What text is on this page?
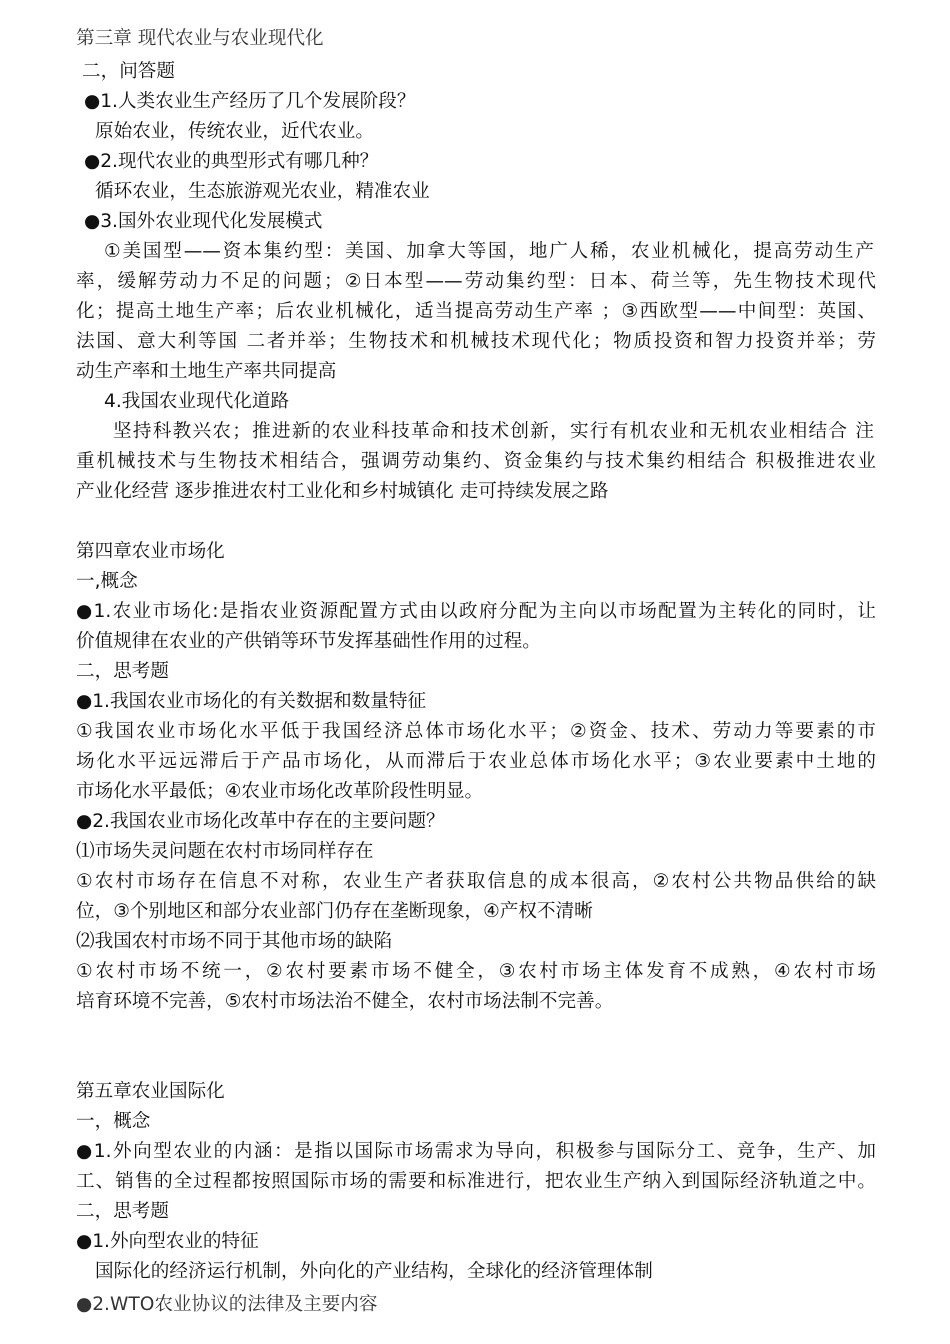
第三章 现代农业与农业现代化
二，问答题
●1.人类农业生产经历了几个发展阶段？
原始农业，传统农业，近代农业。
●2.现代农业的典型形式有哪几种？
循环农业，生态旅游观光农业，精准农业
●3.国外农业现代化发展模式
①美国型——资本集约型：美国、加拿大等国，地广人稀，农业机械化，提高劳动生产
率，缓解劳动力不足的问题；②日本型——劳动集约型：日本、荷兰等，先生物技术现代
化；提高土地生产率；后农业机械化，适当提高劳动生产率 ；③西欧型——中间型：英国、
法国、意大利等国 二者并举；生物技术和机械技术现代化；物质投资和智力投资并举；劳
动生产率和土地生产率共同提高
4.我国农业现代化道路
坚持科教兴农；推进新的农业科技革命和技术创新，实行有机农业和无机农业相结合 注
重机械技术与生物技术相结合，强调劳动集约、资金集约与技术集约相结合 积极推进农业
产业化经营 逐步推进农村工业化和乡村城镇化 走可持续发展之路
第四章农业市场化
一,概念
●1.农业市场化:是指农业资源配置方式由以政府分配为主向以市场配置为主转化的同时，让
价值规律在农业的产供销等环节发挥基础性作用的过程。
二，思考题
●1.我国农业市场化的有关数据和数量特征
①我国农业市场化水平低于我国经济总体市场化水平；②资金、技术、劳动力等要素的市
场化水平远远滞后于产品市场化，从而滞后于农业总体市场化水平；③农业要素中土地的
市场化水平最低；④农业市场化改革阶段性明显。
●2.我国农业市场化改革中存在的主要问题？
⑴市场失灵问题在农村市场同样存在
①农村市场存在信息不对称，农业生产者获取信息的成本很高，②农村公共物品供给的缺
位，③个别地区和部分农业部门仍存在垄断现象，④产权不清晰
⑵我国农村市场不同于其他市场的缺陷
①农村市场不统一，②农村要素市场不健全，③农村市场主体发育不成熟，④农村市场
培育环境不完善，⑤农村市场法治不健全，农村市场法制不完善。
第五章农业国际化
一，概念
●1.外向型农业的内涵：是指以国际市场需求为导向，积极参与国际分工、竞争，生产、加
工、销售的全过程都按照国际市场的需要和标准进行，把农业生产纳入到国际经济轨道之中。
二，思考题
●1.外向型农业的特征
国际化的经济运行机制，外向化的产业结构，全球化的经济管理体制
●2.WTO农业协议的法律及主要内容
